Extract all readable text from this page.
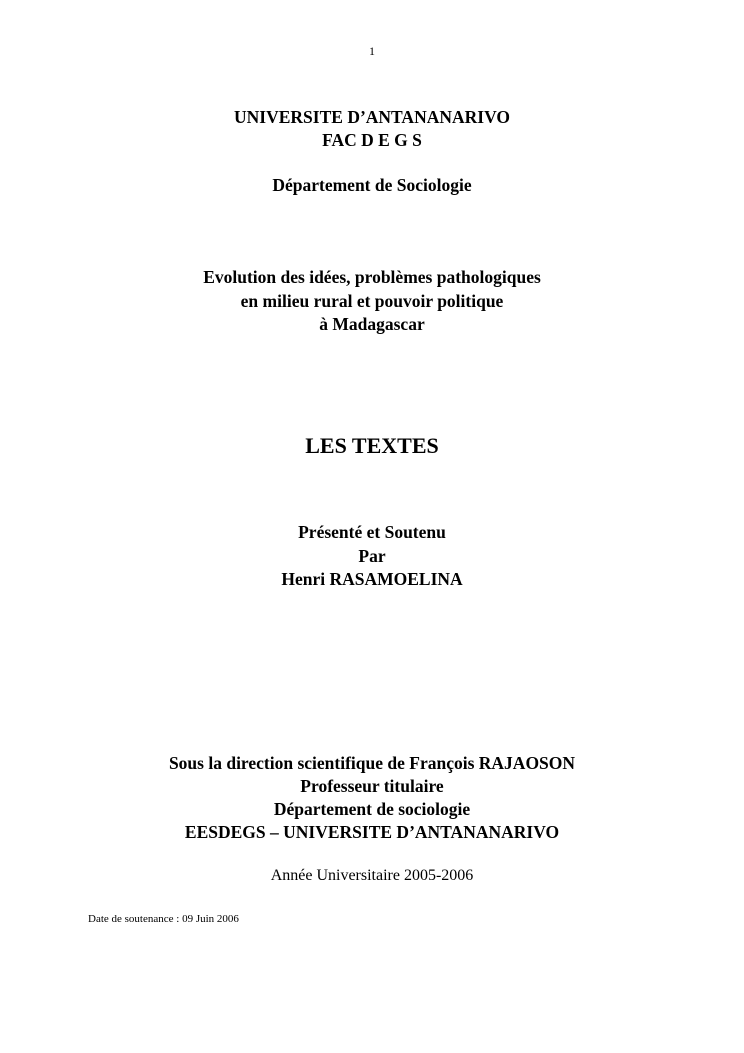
1
UNIVERSITE D’ANTANANARIVO
FAC D E G S
Département de Sociologie
Evolution des idées, problèmes pathologiques
en milieu rural et pouvoir politique
à Madagascar
LES TEXTES
Présenté et Soutenu
Par
Henri RASAMOELINA
Sous la direction scientifique de François RAJAOSON
Professeur titulaire
Département de sociologie
EESDEGS – UNIVERSITE D’ANTANANARIVO
Année Universitaire 2005-2006
Date de soutenance : 09 Juin 2006
